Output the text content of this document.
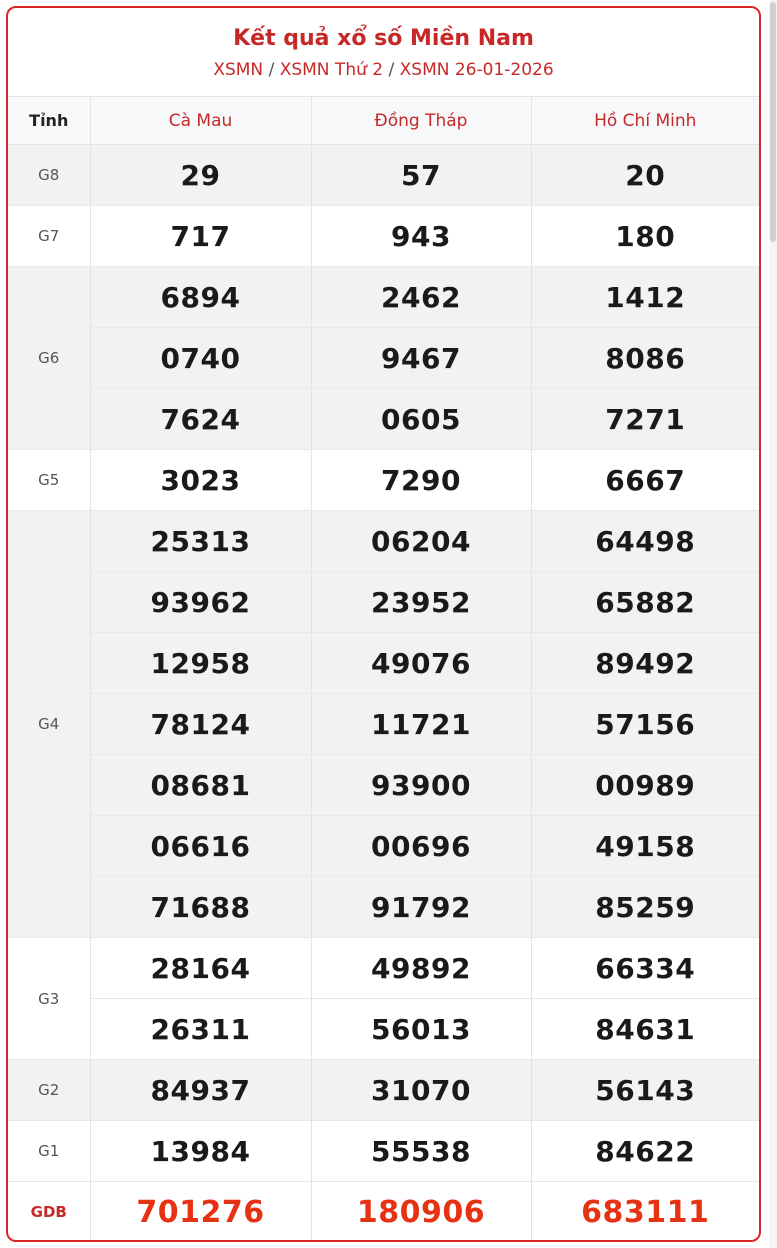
Kết quả xổ số Miền Nam
XSMN / XSMN Thứ 2 / XSMN 26-01-2026
Tỉnh	Cà Mau	Đồng Tháp	Hồ Chí Minh
G8	29	57	20
G7	717	943	180
G6	6894	2462	1412
	0740	9467	8086
	7624	0605	7271
G5	3023	7290	6667
G4	25313	06204	64498
	93962	23952	65882
	12958	49076	89492
	78124	11721	57156
	08681	93900	00989
	06616	00696	49158
	71688	91792	85259
G3	28164	49892	66334
	26311	56013	84631
G2	84937	31070	56143
G1	13984	55538	84622
GDB	701276	180906	683111
